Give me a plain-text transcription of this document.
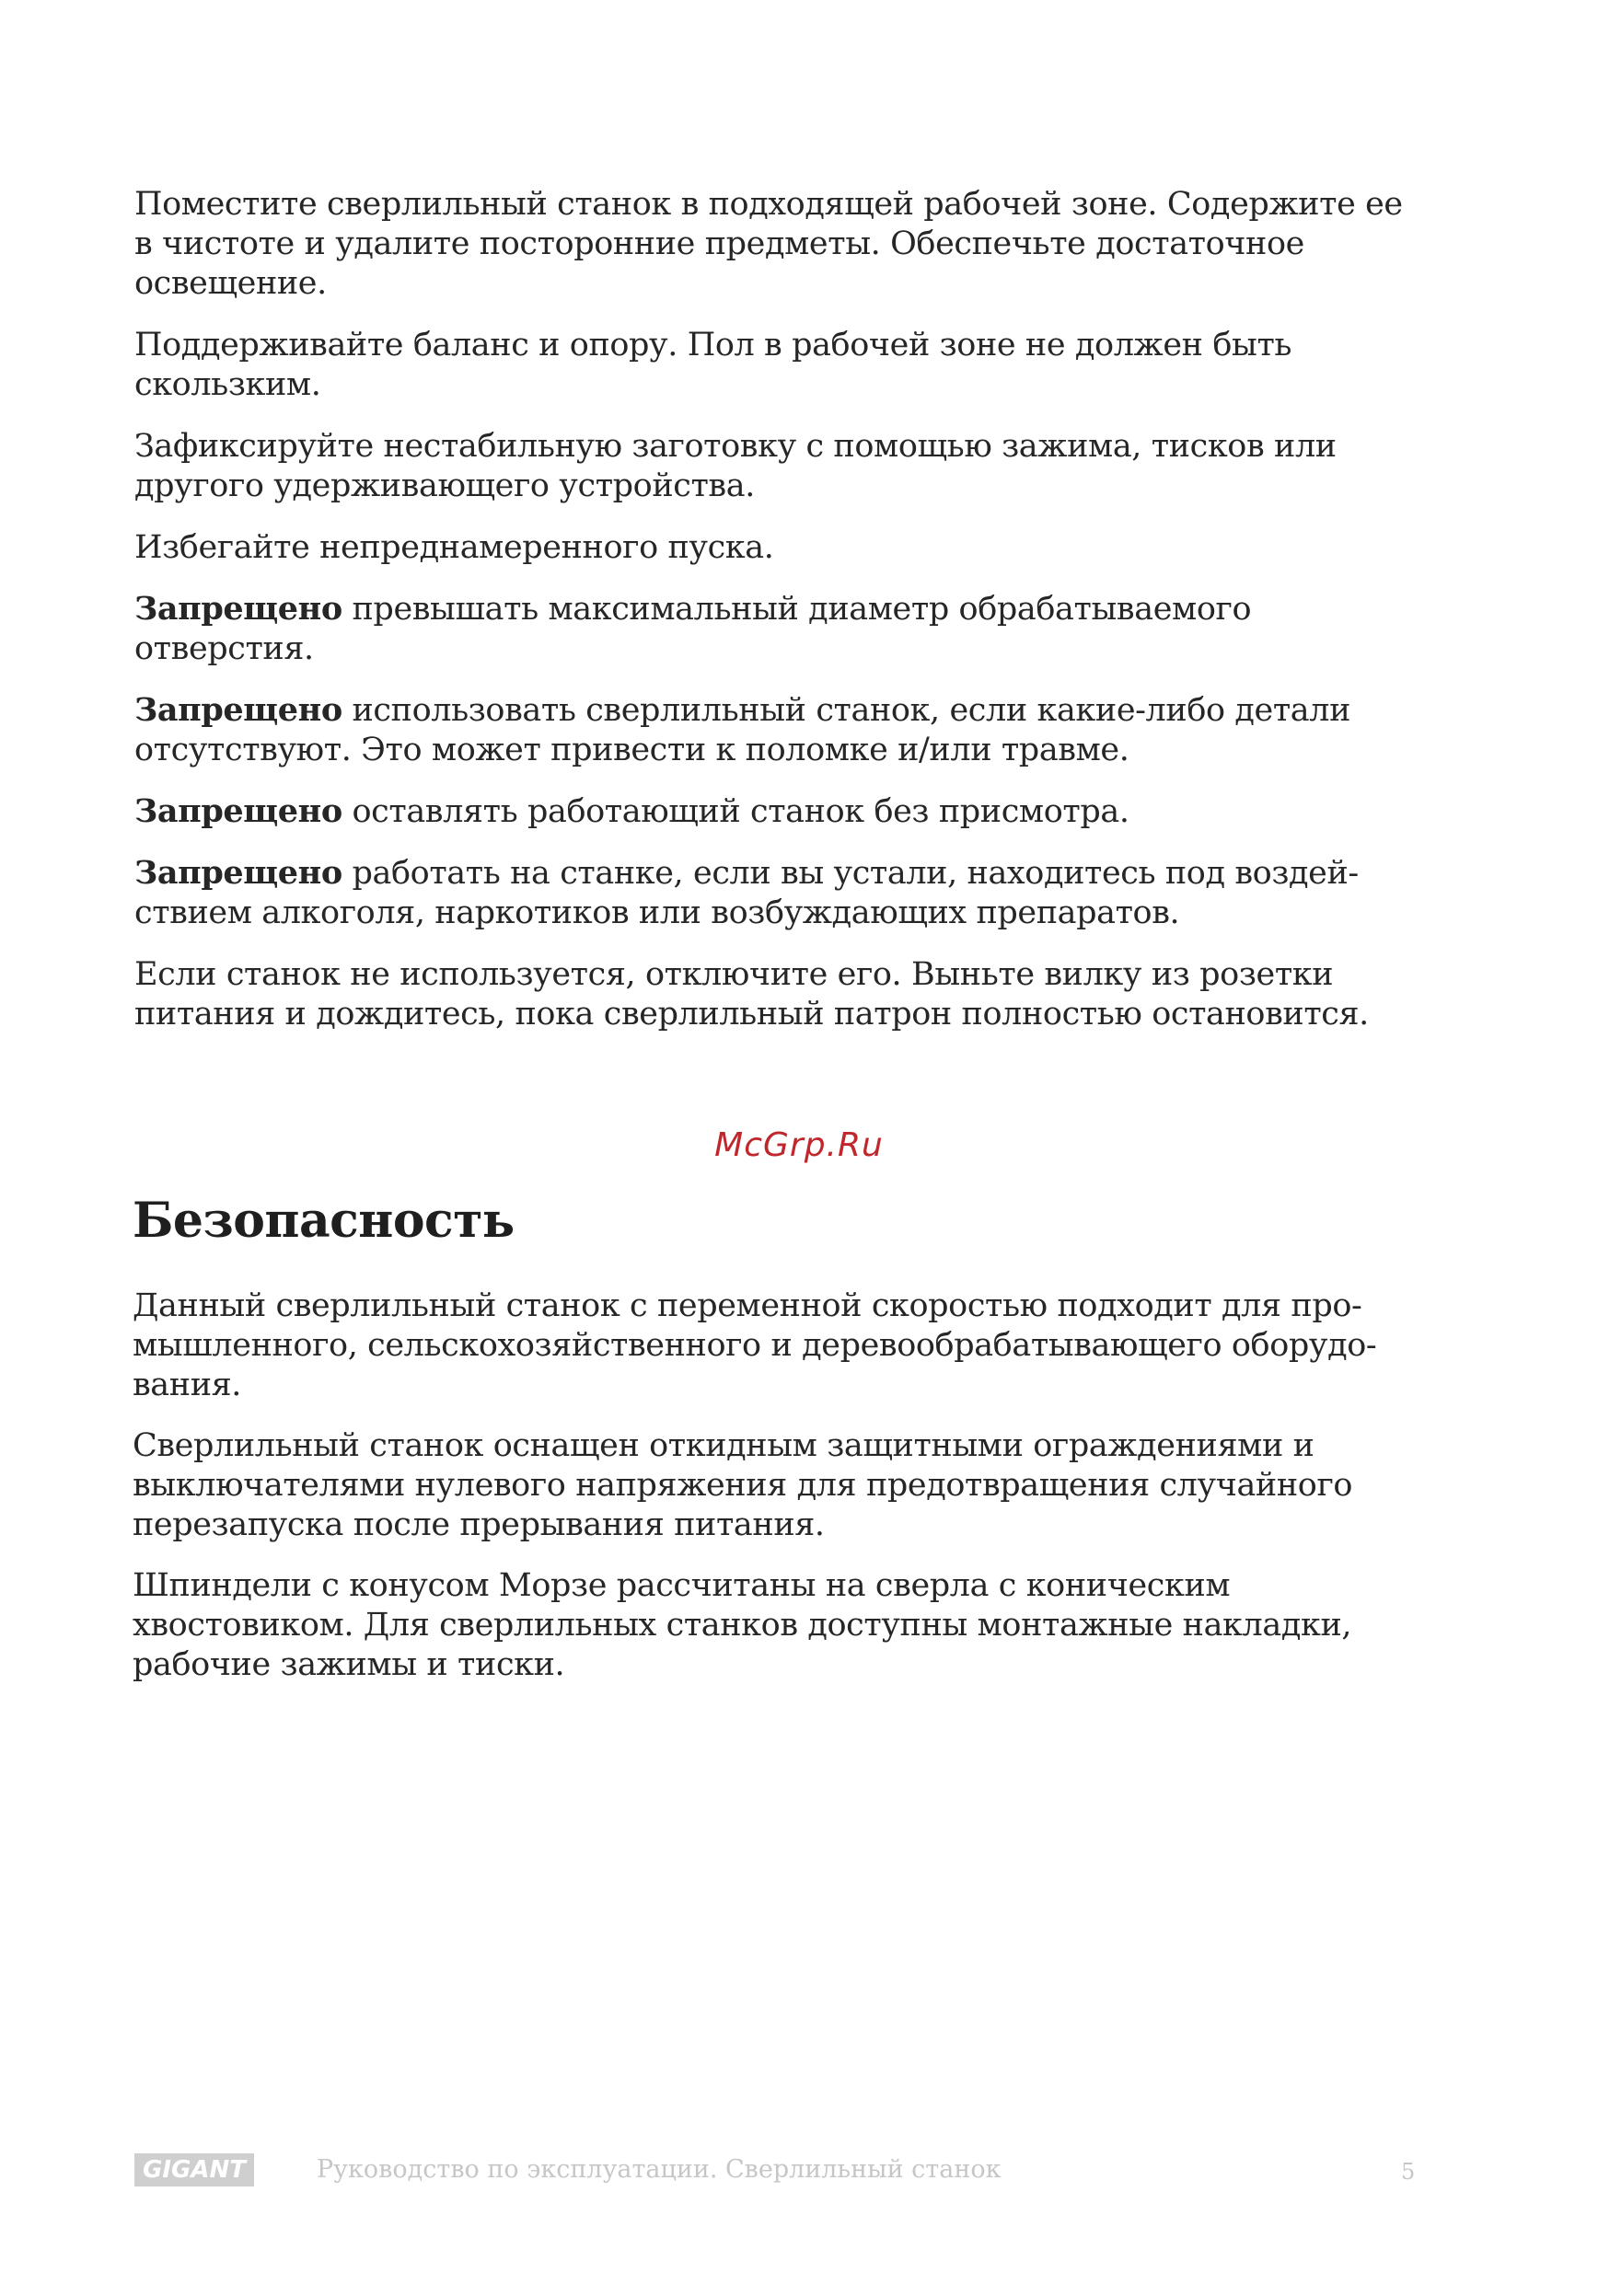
Поместите сверлильный станок в подходящей рабочей зоне. Содержите ее в чистоте и удалите посторонние предметы. Обеспечьте достаточное освещение.

Поддерживайте баланс и опору. Пол в рабочей зоне не должен быть скользким.

Зафиксируйте нестабильную заготовку с помощью зажима, тисков или другого удерживающего устройства.

Избегайте непреднамеренного пуска.

Запрещено превышать максимальный диаметр обрабатываемого отверстия.

Запрещено использовать сверлильный станок, если какие-либо детали отсутствуют. Это может привести к поломке и/или травме.

Запрещено оставлять работающий станок без присмотра.

Запрещено работать на станке, если вы устали, находитесь под воздействием алкоголя, наркотиков или возбуждающих препаратов.

Если станок не используется, отключите его. Выньте вилку из розетки питания и дождитесь, пока сверлильный патрон полностью остановится.

McGrp.Ru
Безопасность

Данный сверлильный станок с переменной скоростью подходит для промышленного, сельскохозяйственного и деревообрабатывающего оборудования.

Сверлильный станок оснащен откидным защитными ограждениями и выключателями нулевого напряжения для предотвращения случайного перезапуска после прерывания питания.

Шпиндели с конусом Морзе рассчитаны на сверла с коническим хвостовиком. Для сверлильных станков доступны монтажные накладки, рабочие зажимы и тиски.

GIGANT	Руководство по эксплуатации. Сверлильный станок	5
